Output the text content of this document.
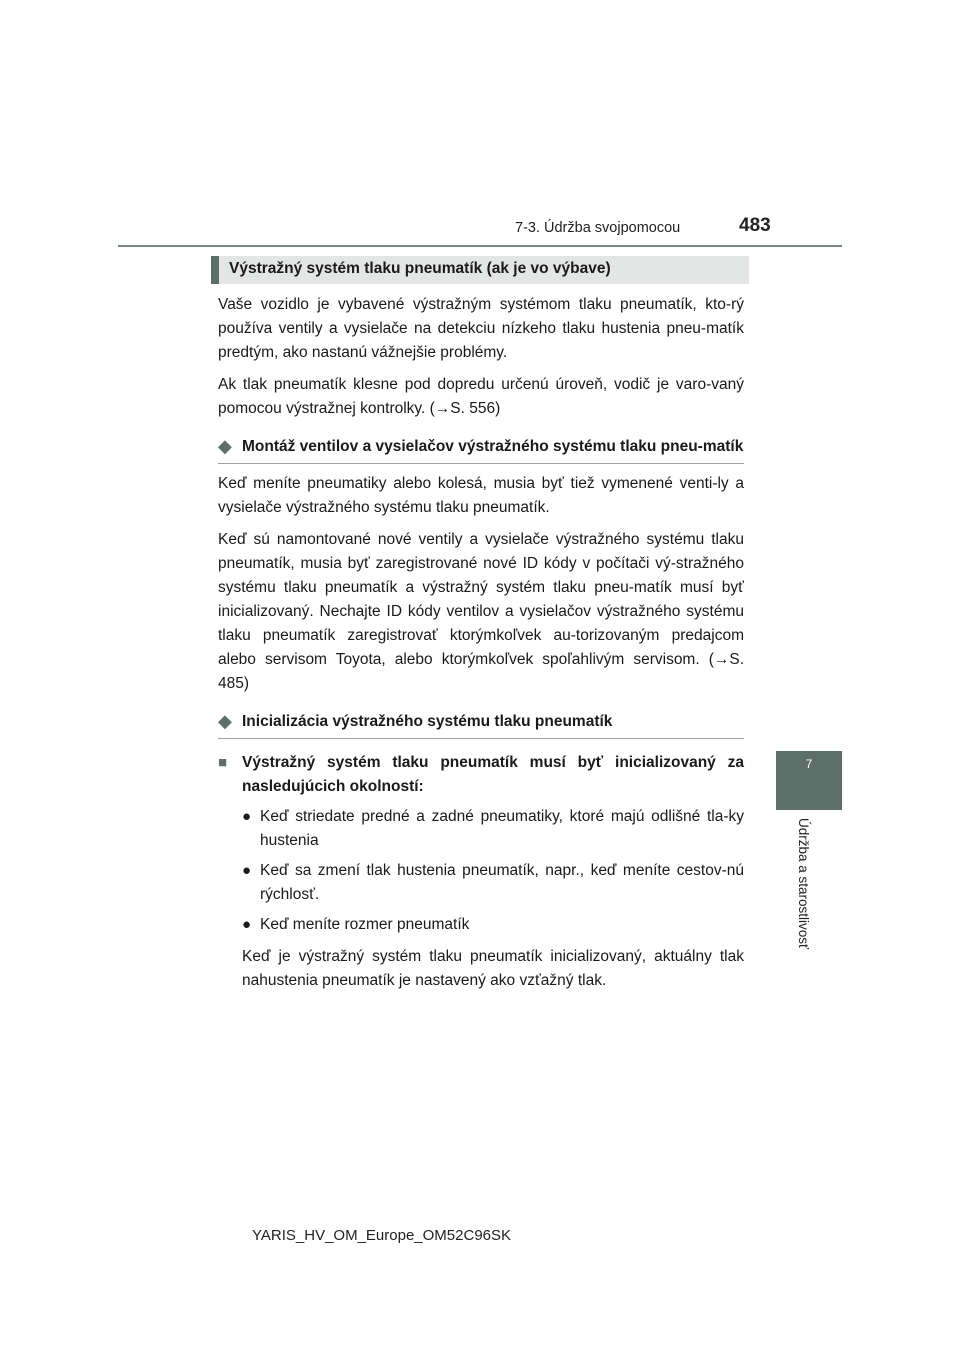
7-3. Údržba svojpomocou	483
7
Údržba a starostlivosť
Výstražný systém tlaku pneumatík (ak je vo výbave)

Vaše vozidlo je vybavené výstražným systémom tlaku pneumatík, kto-rý používa ventily a vysielače na detekciu nízkeho tlaku hustenia pneu-matík predtým, ako nastanú vážnejšie problémy.

Ak tlak pneumatík klesne pod dopredu určenú úroveň, vodič je varo-vaný pomocou výstražnej kontrolky. (→S. 556)

◆ Montáž ventilov a vysielačov výstražného systému tlaku pneu-matík

Keď meníte pneumatiky alebo kolesá, musia byť tiež vymenené venti-ly a vysielače výstražného systému tlaku pneumatík.

Keď sú namontované nové ventily a vysielače výstražného systému tlaku pneumatík, musia byť zaregistrované nové ID kódy v počítači vý-stražného systému tlaku pneumatík a výstražný systém tlaku pneu-matík musí byť inicializovaný. Nechajte ID kódy ventilov a vysielačov výstražného systému tlaku pneumatík zaregistrovať ktorýmkoľvek au-torizovaným predajcom alebo servisom Toyota, alebo ktorýmkoľvek spoľahlivým servisom. (→S. 485)

◆ Inicializácia výstražného systému tlaku pneumatík
■ Výstražný systém tlaku pneumatík musí byť inicializovaný za nasledujúcich okolností:

● Keď striedate predné a zadné pneumatiky, ktoré majú odlišné tla-ky hustenia

● Keď sa zmení tlak hustenia pneumatík, napr., keď meníte cestov-nú rýchlosť.

● Keď meníte rozmer pneumatík

Keď je výstražný systém tlaku pneumatík inicializovaný, aktuálny tlak nahustenia pneumatík je nastavený ako vzťažný tlak.

YARIS_HV_OM_Europe_OM52C96SK
